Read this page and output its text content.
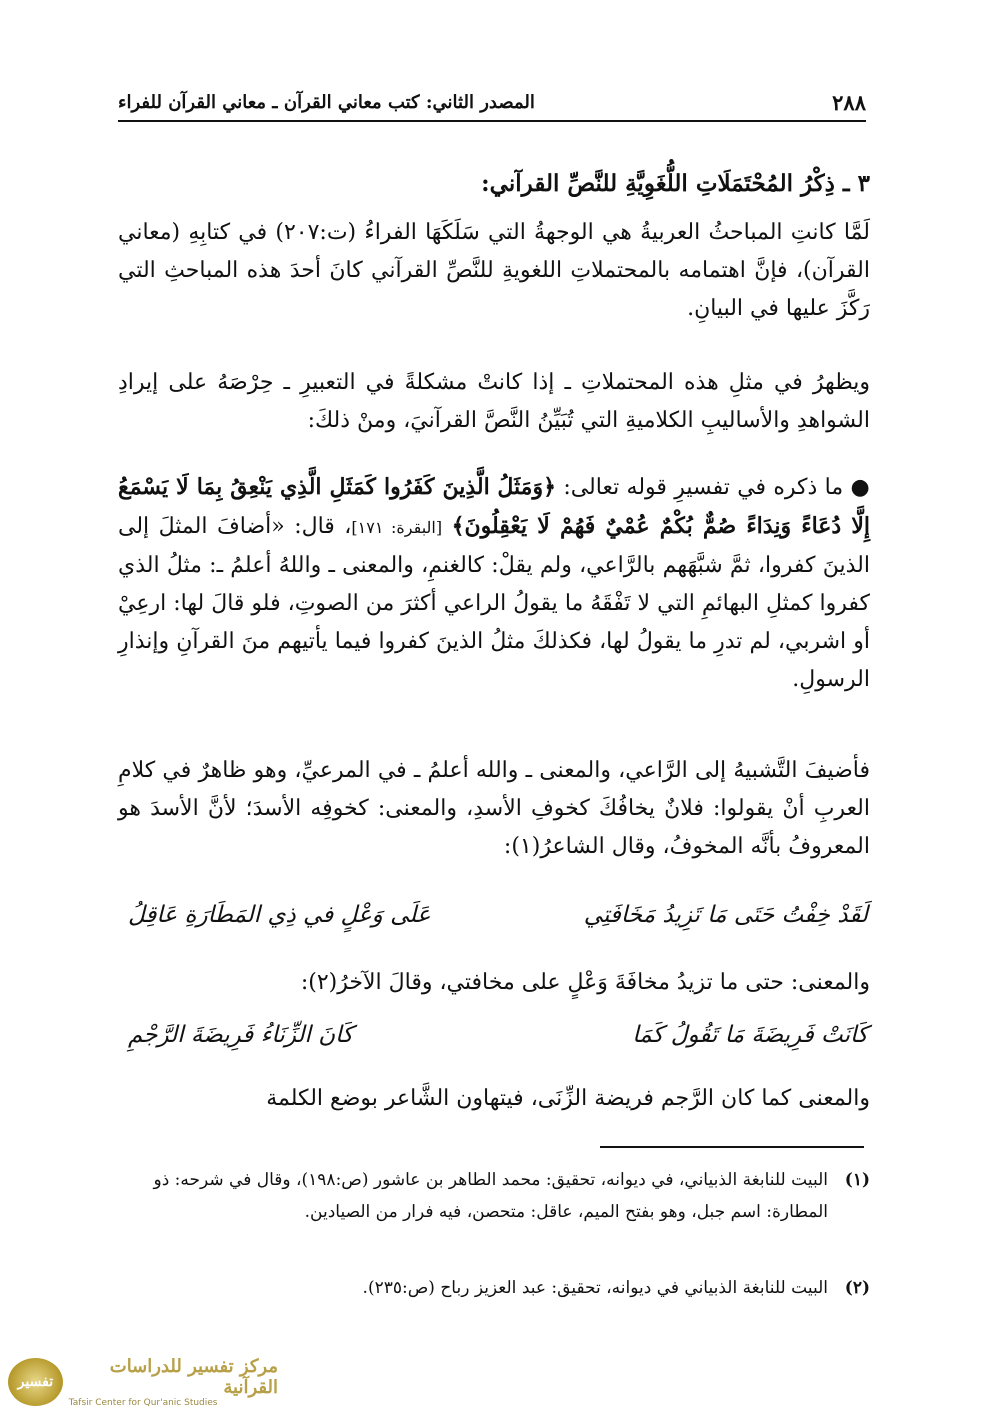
المصدر الثاني: كتب معاني القرآن ـ معاني القرآن للفراء	٢٨٨
٣ ـ ذِكْرُ المُحْتَمَلَاتِ اللُّغَوِيَّةِ للنَّصِّ القرآني:

لَمَّا كانتِ المباحثُ العربيةُ هي الوجهةُ التي سَلَكَهَا الفراءُ (ت:٢٠٧) في كتابِهِ (معاني القرآن)، فإنَّ اهتمامه بالمحتملاتِ اللغويةِ للنَّصِّ القرآني كانَ أحدَ هذه المباحثِ التي رَكَّزَ عليها في البيانِ.

ويظهرُ في مثلِ هذه المحتملاتِ ـ إذا كانتْ مشكلةً في التعبيرِ ـ حِرْصَهُ على إيرادِ الشواهدِ والأساليبِ الكلاميةِ التي تُبَيِّنُ النَّصَّ القرآنيَ، ومنْ ذلكَ:

● ما ذكره في تفسيرِ قوله تعالى: ﴿وَمَثَلُ الَّذِينَ كَفَرُوا كَمَثَلِ الَّذِي يَنْعِقُ بِمَا لَا يَسْمَعُ إِلَّا دُعَاءً وَنِدَاءً صُمٌّ بُكْمٌ عُمْيٌ فَهُمْ لَا يَعْقِلُونَ﴾ [البقرة: ١٧١]، قال: «أضافَ المثلَ إلى الذينَ كفروا، ثمَّ شبَّهَهم بالرَّاعي، ولم يقلْ: كالغنمِ، والمعنى ـ واللهُ أعلمُ ـ: مثلُ الذي كفروا كمثلِ البهائمِ التي لا تَفْقَهُ ما يقولُ الراعي أكثرَ من الصوتِ، فلو قالَ لها: ارعِيْ أو اشربي، لم تدرِ ما يقولُ لها، فكذلكَ مثلُ الذينَ كفروا فيما يأتيهم منَ القرآنِ وإنذارِ الرسولِ.

فأضيفَ التَّشبيهُ إلى الرَّاعي، والمعنى ـ والله أعلمُ ـ في المرعيِّ، وهو ظاهرٌ في كلامِ العربِ أنْ يقولوا: فلانٌ يخافُكَ كخوفِ الأسدِ، والمعنى: كخوفِه الأسدَ؛ لأنَّ الأسدَ هو المعروفُ بأنَّه المخوفُ، وقال الشاعرُ(١):

لَقَدْ خِفْتُ حَتَى مَا تَزِيدُ مَخَافَتِي
عَلَى وَعْلٍ في ذِي المَطَارَةِ عَاقِلُ

والمعنى: حتى ما تزيدُ مخافَةَ وَعْلٍ على مخافتي، وقالَ الآخرُ(٢):

كَانَتْ فَرِيضَةَ مَا تَقُولُ كَمَا
كَانَ الزِّنَاءُ فَرِيضَةَ الرَّجْمِ

والمعنى كما كان الرَّجم فريضة الزِّنَى، فيتهاون الشَّاعر بوضع الكلمة

(١)
البيت للنابغة الذبياني، في ديوانه، تحقيق: محمد الطاهر بن عاشور (ص:١٩٨)، وقال في شرحه: ذو المطارة: اسم جبل، وهو بفتح الميم، عاقل: متحصن، فيه فرار من الصيادين.
(٢)
البيت للنابغة الذبياني في ديوانه، تحقيق: عبد العزيز رباح (ص:٢٣٥).
تفسير
مركز تفسير للدراسات القرآنية
Tafsir Center for Qur'anic Studies
